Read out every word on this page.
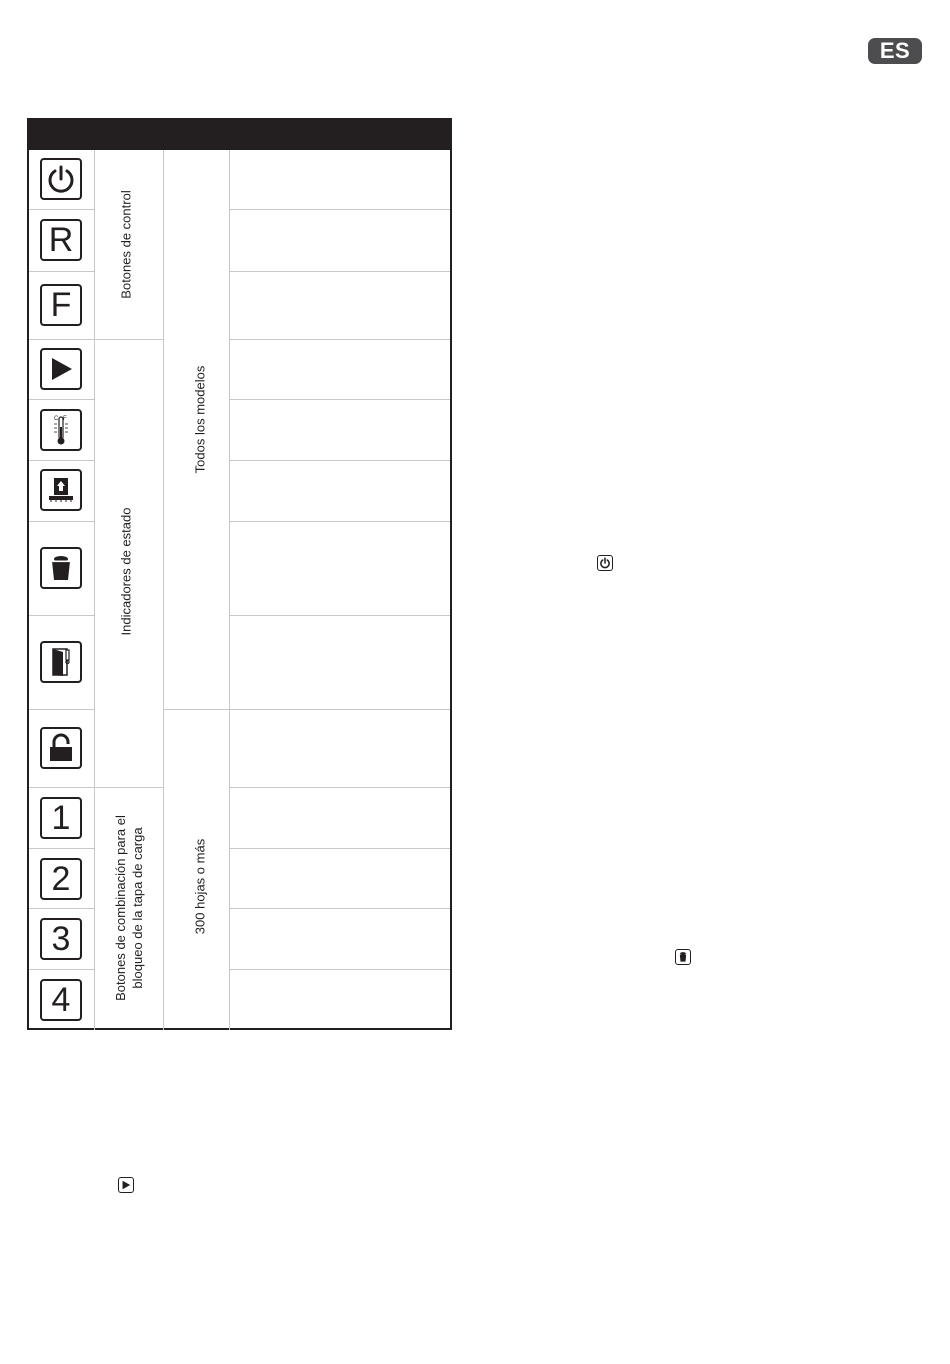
ES
R
F
C F
1
2
3
4
Botones de control
Indicadores de estado
Botones de combinación para el bloqueo de la tapa de carga
Todos los modelos
300 hojas o más
